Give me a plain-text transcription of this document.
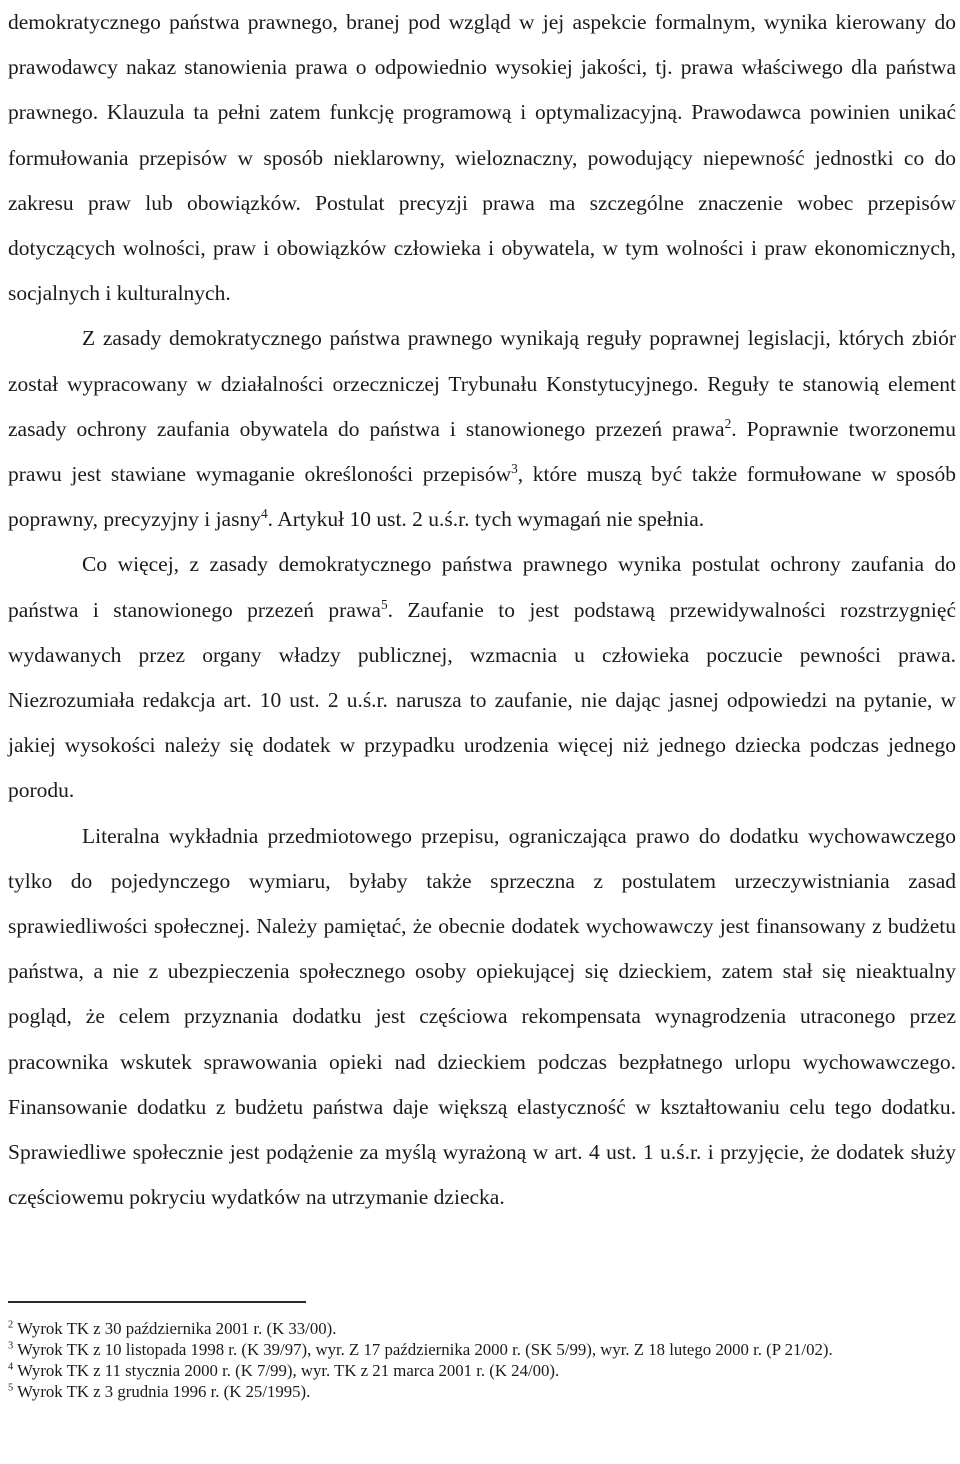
demokratycznego państwa prawnego, branej pod wzgląd w jej aspekcie formalnym, wynika kierowany do prawodawcy nakaz stanowienia prawa o odpowiednio wysokiej jakości, tj. prawa właściwego dla państwa prawnego. Klauzula ta pełni zatem funkcję programową i optymalizacyjną. Prawodawca powinien unikać formułowania przepisów w sposób nieklarowny, wieloznaczny, powodujący niepewność jednostki co do zakresu praw lub obowiązków. Postulat precyzji prawa ma szczególne znaczenie wobec przepisów dotyczących wolności, praw i obowiązków człowieka i obywatela, w tym wolności i praw ekonomicznych, socjalnych i kulturalnych.

Z zasady demokratycznego państwa prawnego wynikają reguły poprawnej legislacji, których zbiór został wypracowany w działalności orzeczniczej Trybunału Konstytucyjnego. Reguły te stanowią element zasady ochrony zaufania obywatela do państwa i stanowionego przezeń prawa$^2$. Poprawnie tworzonemu prawu jest stawiane wymaganie określoności przepisów$^3$, które muszą być także formułowane w sposób poprawny, precyzyjny i jasny$^4$. Artykuł 10 ust. 2 u.ś.r. tych wymagań nie spełnia.

Co więcej, z zasady demokratycznego państwa prawnego wynika postulat ochrony zaufania do państwa i stanowionego przezeń prawa$^5$. Zaufanie to jest podstawą przewidywalności rozstrzygnięć wydawanych przez organy władzy publicznej, wzmacnia u człowieka poczucie pewności prawa. Niezrozumiała redakcja art. 10 ust. 2 u.ś.r. narusza to zaufanie, nie dając jasnej odpowiedzi na pytanie, w jakiej wysokości należy się dodatek w przypadku urodzenia więcej niż jednego dziecka podczas jednego porodu.

Literalna wykładnia przedmiotowego przepisu, ograniczająca prawo do dodatku wychowawczego tylko do pojedynczego wymiaru, byłaby także sprzeczna z postulatem urzeczywistniania zasad sprawiedliwości społecznej. Należy pamiętać, że obecnie dodatek wychowawczy jest finansowany z budżetu państwa, a nie z ubezpieczenia społecznego osoby opiekującej się dzieckiem, zatem stał się nieaktualny pogląd, że celem przyznania dodatku jest częściowa rekompensata wynagrodzenia utraconego przez pracownika wskutek sprawowania opieki nad dzieckiem podczas bezpłatnego urlopu wychowawczego. Finansowanie dodatku z budżetu państwa daje większą elastyczność w kształtowaniu celu tego dodatku. Sprawiedliwe społecznie jest podążenie za myślą wyrażoną w art. 4 ust. 1 u.ś.r. i przyjęcie, że dodatek służy częściowemu pokryciu wydatków na utrzymanie dziecka.

$^2$ Wyrok TK z 30 października 2001 r. (K 33/00).

$^3$ Wyrok TK z 10 listopada 1998 r. (K 39/97), wyr. Z 17 października 2000 r. (SK 5/99), wyr. Z 18 lutego 2000 r. (P 21/02).

$^4$ Wyrok TK z 11 stycznia 2000 r. (K 7/99), wyr. TK z 21 marca 2001 r. (K 24/00).

$^5$ Wyrok TK z 3 grudnia 1996 r. (K 25/1995).
